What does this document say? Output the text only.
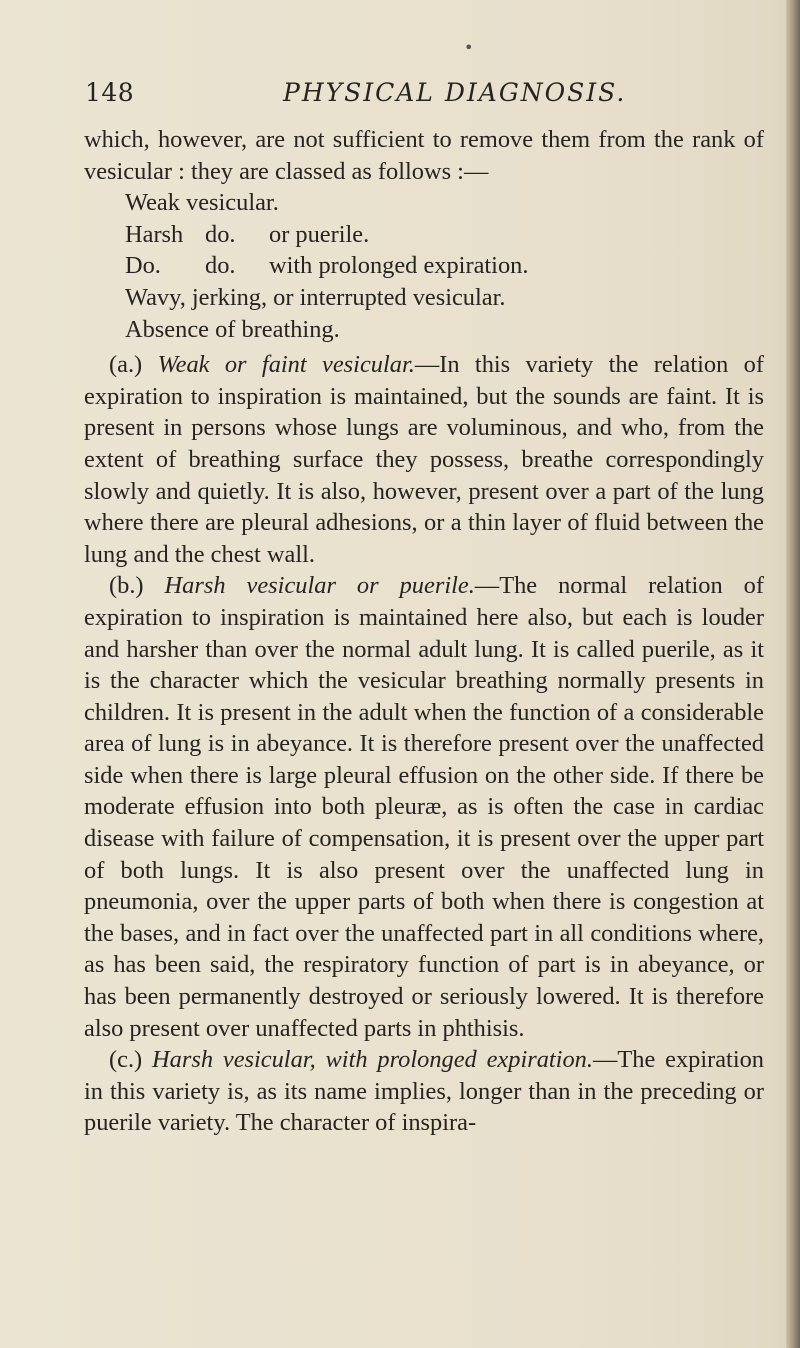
•
148	PHYSICAL DIAGNOSIS.

which, however, are not sufficient to remove them from the rank of vesicular : they are classed as follows :—

Weak vesicular.
Harsh do. or puerile.
Do. do. with prolonged expiration.
Wavy, jerking, or interrupted vesicular.
Absence of breathing.

(a.) Weak or faint vesicular.—In this variety the relation of expiration to inspiration is maintained, but the sounds are faint. It is present in persons whose lungs are voluminous, and who, from the extent of breathing surface they possess, breathe correspondingly slowly and quietly. It is also, however, present over a part of the lung where there are pleural adhesions, or a thin layer of fluid between the lung and the chest wall.

(b.) Harsh vesicular or puerile.—The normal relation of expiration to inspiration is maintained here also, but each is louder and harsher than over the normal adult lung. It is called puerile, as it is the character which the vesicular breathing normally presents in children. It is present in the adult when the function of a considerable area of lung is in abeyance. It is therefore present over the unaffected side when there is large pleural effusion on the other side. If there be moderate effusion into both pleuræ, as is often the case in cardiac disease with failure of compensation, it is present over the upper part of both lungs. It is also present over the unaffected lung in pneumonia, over the upper parts of both when there is congestion at the bases, and in fact over the unaffected part in all conditions where, as has been said, the respiratory function of part is in abeyance, or has been permanently destroyed or seriously lowered. It is therefore also present over unaffected parts in phthisis.

(c.) Harsh vesicular, with prolonged expiration.—The expiration in this variety is, as its name implies, longer than in the preceding or puerile variety. The character of inspira-
